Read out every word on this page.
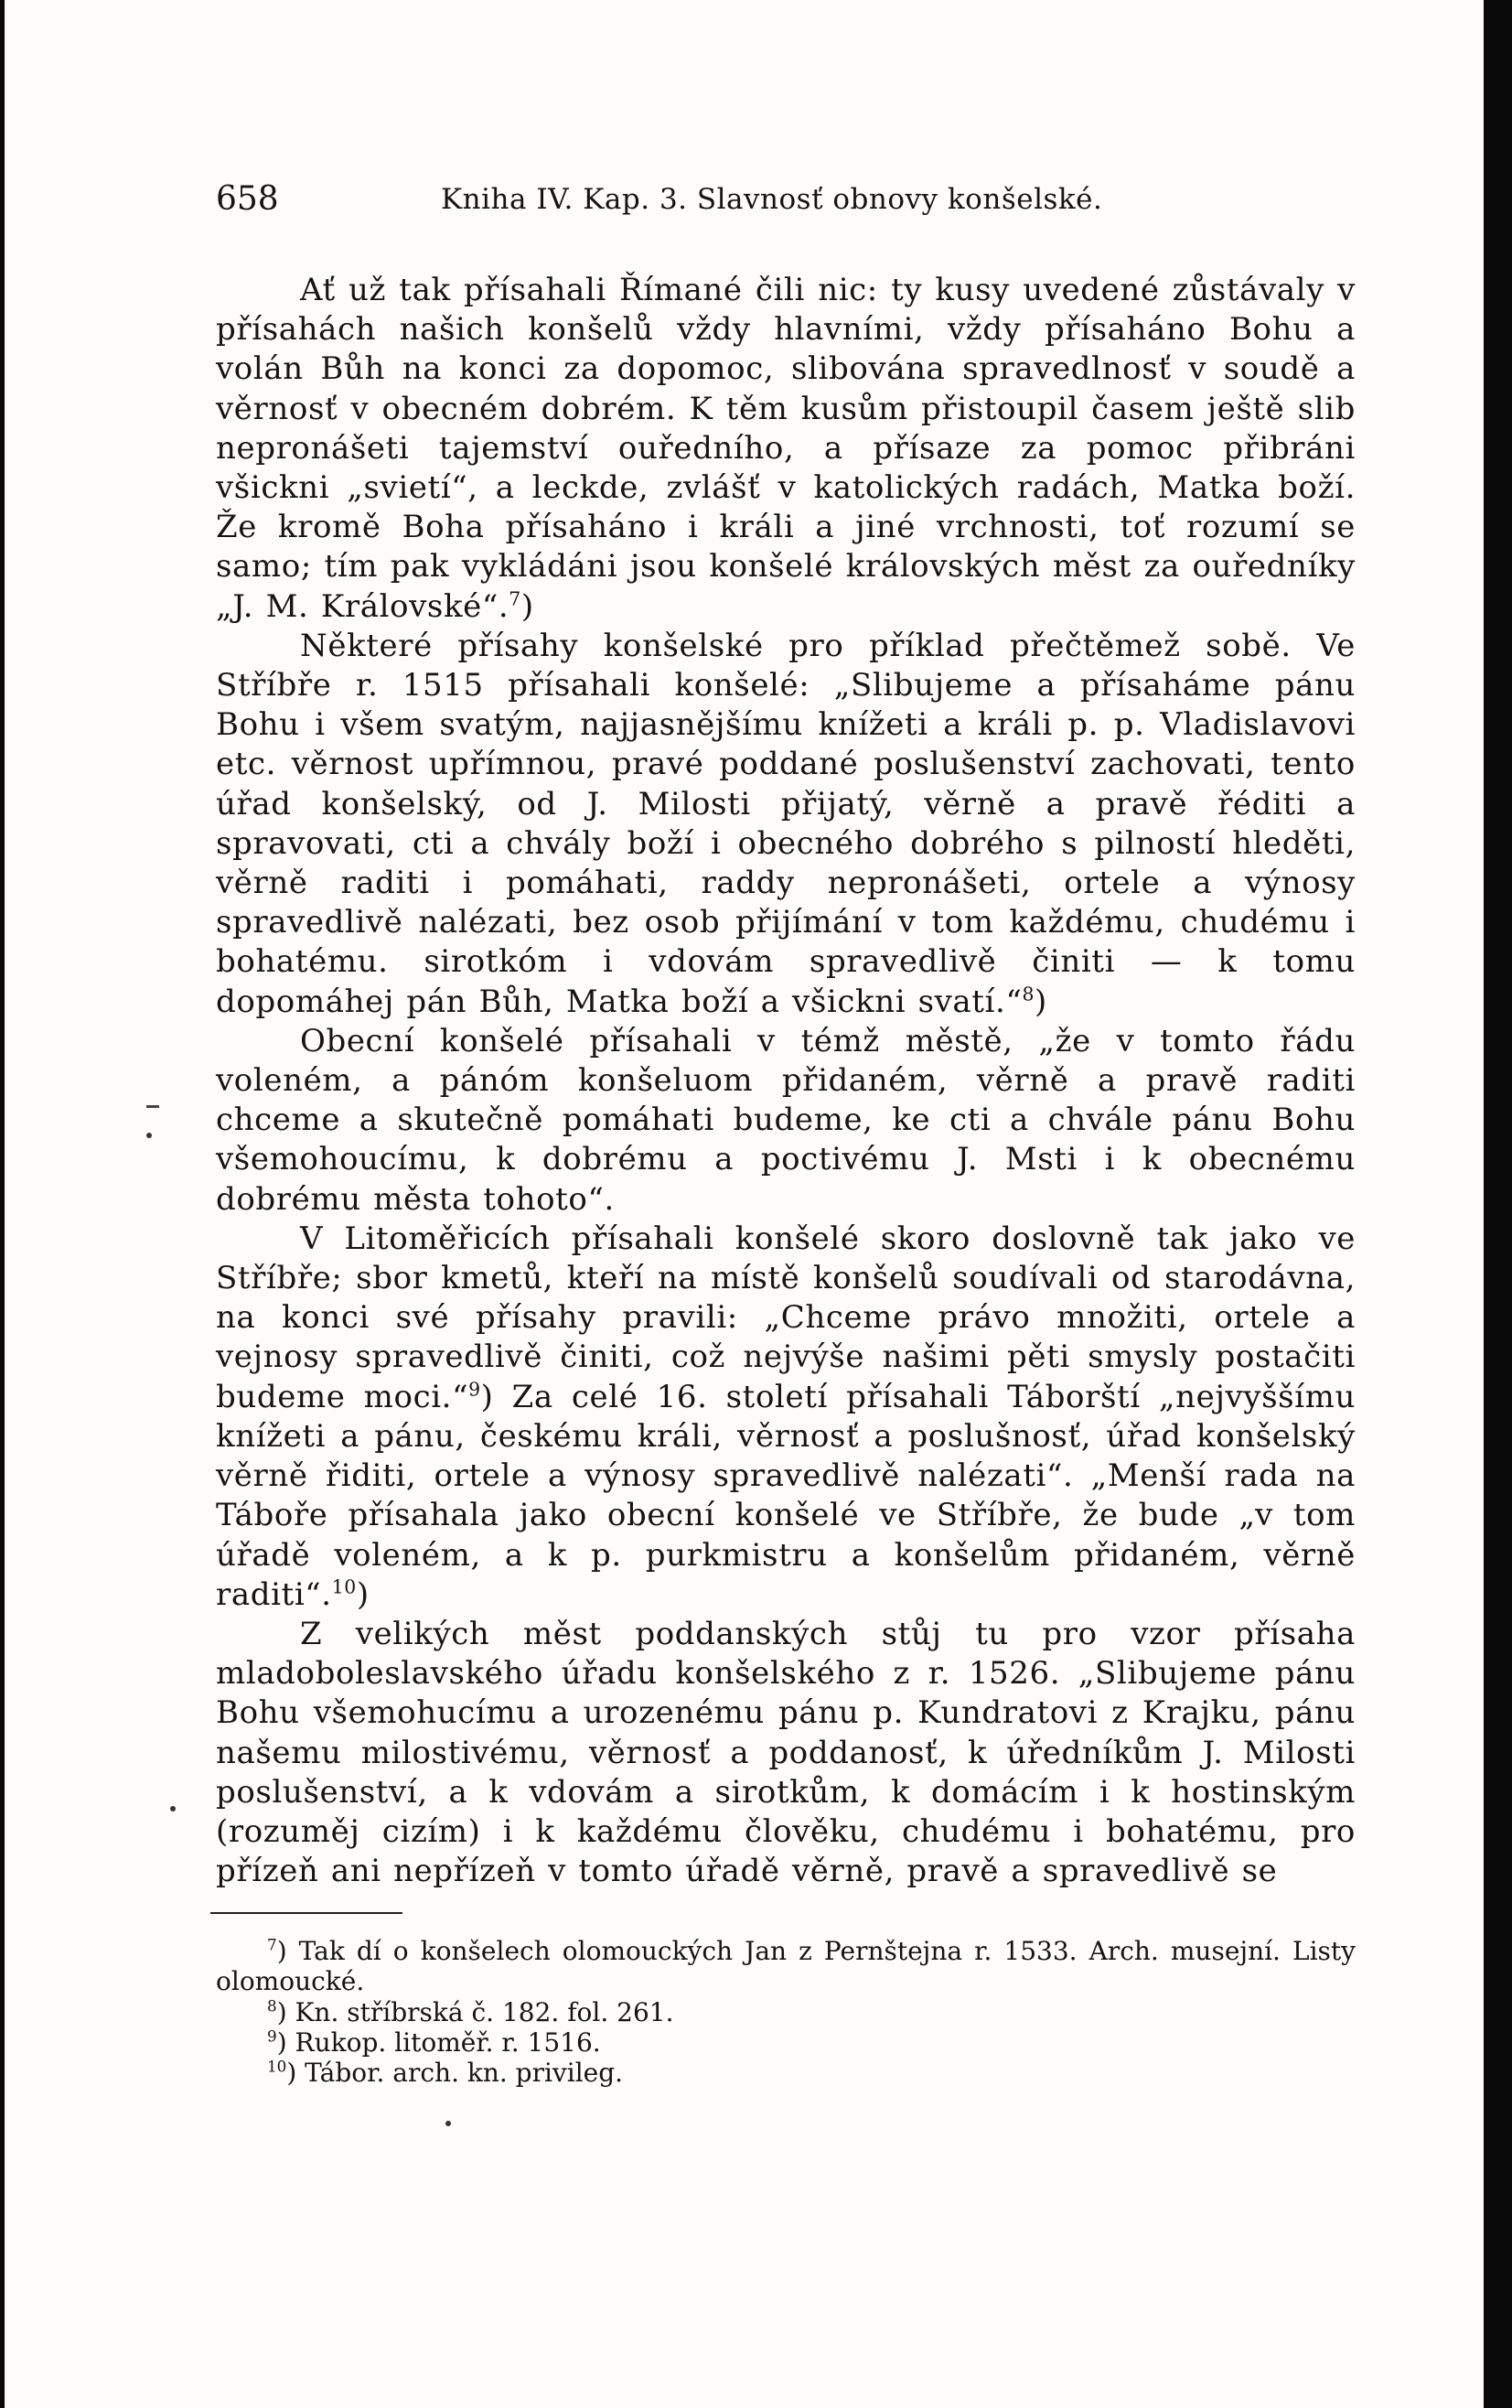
658	Kniha IV. Kap. 3. Slavnosť obnovy konšelské.

Ať už tak přísahali Římané čili nic: ty kusy uvedené zůstávaly v přísahách našich konšelů vždy hlavními, vždy přísaháno Bohu a volán Bůh na konci za dopomoc, slibována spravedlnosť v soudě a věrnosť v obecném dobrém. K těm kusům přistoupil časem ještě slib nepronášeti tajemství ouředního, a přísaze za pomoc přibráni všickni „svietí“, a leckde, zvlášť v katolických radách, Matka boží. Že kromě Boha přísaháno i králi a jiné vrchnosti, toť rozumí se samo; tím pak vykládáni jsou konšelé královských měst za ouředníky „J. M. Královské“.$^7$)

Některé přísahy konšelské pro příklad přečtěmež sobě. Ve Stříbře r. 1515 přísahali konšelé: „Slibujeme a přísaháme pánu Bohu i všem svatým, najjasnějšímu knížeti a králi p. p. Vladislavovi etc. věrnost upřímnou, pravé poddané poslušenství zachovati, tento úřad konšelský, od J. Milosti přijatý, věrně a pravě řéditi a spravovati, cti a chvály boží i obecného dobrého s pilností hleděti, věrně raditi i pomáhati, raddy nepronášeti, ortele a výnosy spravedlivě nalézati, bez osob přijímání v tom každému, chudému i bohatému. sirotkóm i vdovám spravedlivě činiti — k tomu dopomáhej pán Bůh, Matka boží a všickni svatí.“$^8$)

Obecní konšelé přísahali v témž městě, „že v tomto řádu voleném, a pánóm konšeluom přidaném, věrně a pravě raditi chceme a skutečně pomáhati budeme, ke cti a chvále pánu Bohu všemohoucímu, k dobrému a poctivému J. Msti i k obecnému dobrému města tohoto“.

V Litoměřicích přísahali konšelé skoro doslovně tak jako ve Stříbře; sbor kmetů, kteří na místě konšelů soudívali od starodávna, na konci své přísahy pravili: „Chceme právo množiti, ortele a vejnosy spravedlivě činiti, což nejvýše našimi pěti smysly postačiti budeme moci.“$^9$) Za celé 16. století přísahali Táborští „nejvyššímu knížeti a pánu, českému králi, věrnosť a poslušnosť, úřad konšelský věrně řiditi, ortele a výnosy spravedlivě nalézati“. „Menší rada na Táboře přísahala jako obecní konšelé ve Stříbře, že bude „v tom úřadě voleném, a k p. purkmistru a konšelům přidaném, věrně raditi“.$^{10}$)

Z velikých měst poddanských stůj tu pro vzor přísaha mladoboleslavského úřadu konšelského z r. 1526. „Slibujeme pánu Bohu všemohucímu a urozenému pánu p. Kundratovi z Krajku, pánu našemu milostivému, věrnosť a poddanosť, k úředníkům J. Milosti poslušenství, a k vdovám a sirotkům, k domácím i k hostinským (rozuměj cizím) i k každému člověku, chudému i bohatému, pro přízeň ani nepřízeň v tomto úřadě věrně, pravě a spravedlivě se

$^7$) Tak dí o konšelech olomouckých Jan z Pernštejna r. 1533. Arch. museјní. Listy olomoucké.

$^8$) Kn. stříbrská č. 182. fol. 261.

$^9$) Rukop. litoměř. r. 1516.

$^{10}$) Tábor. arch. kn. privileg.
